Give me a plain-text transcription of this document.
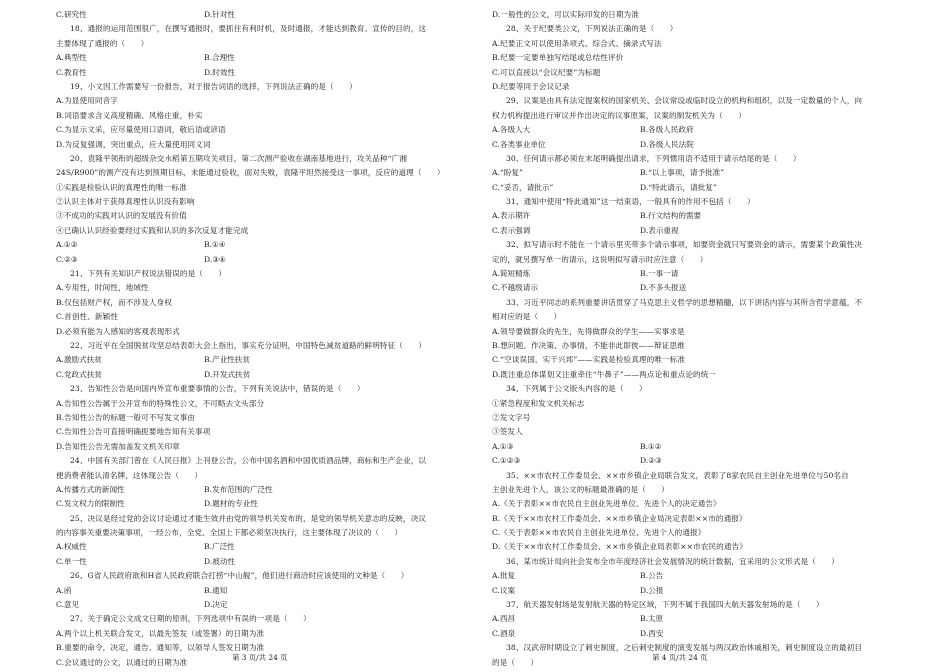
C.研究性	D.针对性
18、通报的运用范围很广，在撰写通报时，要抓住有利时机，及时通报，才能达到教育、宣传的目的，这
主要体现了通报的（　　）
A.典型性	B.合理性
C.教育性	D.时效性
19、小文因工作需要写一份报告，对于报告词语的选择，下列说法正确的是（　　）
A.为显使用同音字
B.词语要求含义高度精确、风格庄重，朴实
C.为显示文采，应尽量使用口语词，敬后语或谚语
D.为反复强调，突出重点，应大量使用同义词
20、袁隆平领衔的超级杂交水稻第五期攻关项目，第二次测产验收在湖南基地进行，攻关品种“广湘
24S/R900”的测产没有达到预期目标，未能通过验收，面对失败，袁隆平坦然接受这一事项，反应的道理（　　）
①实践是检验认识的真理性的唯一标准
②认识主体对于获得真理性认识没有影响
③不成功的实践对认识的发展没有价值
④已确认认识经验要经过实践和认识的多次反复才能完成
A.①②	B.①④
C.②③	D.③④
21、下列有关知识产权说法错误的是（　　）
A.专用性，时间性，地域性
B.仅包括财产权，而不涉及人身权
C.首创性、新颖性
D.必须有能为人感知的客观表现形式
22、习近平在全国脱贫攻坚总结表彰大会上指出，事实充分证明，中国特色减贫道路的鲜明特征（　　）
A.激励式扶贫	B.产业性扶贫
C.党政式扶贫	D.开发式扶贫
23、告知性公告是向国内外宣布重要事情的公告，下列有关说法中，错误的是（　　）
A.告知性公告属于公开宣布的特殊性公文，不可略去文头部分
B.告知性公告的标题一般可不写发文事由
C.告知性公告可直接明确扼要地告知有关事项
D.告知性公告无需加盖发文机关印章
24、中国有关部门曾在《人民日报》上刊登公告，公布中国名酒和中国优质酒品牌，商标和生产企业，以
便消费者能认清名牌，这体现公告（　　）
A.传播方式的新闻性	B.发布范围的广泛性
C.发文权力的限制性	D.题材的专业性
25、决议是经过党的会议讨论通过才能生效并由党的领导机关发布的，是党的领导机关意志的反映，决议
的内容事关重要决策事项，一经公布，全党、全国上下都必须坚决执行，这主要体现了决议的（　　）
A.权威性	B.广泛性
C.单一性	D.被动性
26、G省人民政府欲和H省人民政府联合打捞“中山舰”，他们进行商洽时应该使用的文种是（　　）
A.函	B.通知
C.意见	D.决定
27、关于确定公文成文日期的原则，下列选项中有误的一项是（　　）
A.两个以上机关联合发文，以最先签发（或签署）的日期为准
B.重要的命令，决定，通告、通知等，以领导人签发日期为准
C.会议通过的公文，以通过的日期为准
D.一般性的公文，可以实际印发的日期为准
28、关于纪要类公文，下列说法正确的是（　　）
A.纪要正文可以使用条项式、综合式、摘录式写法
B.纪要一定要单独写结尾或总结性评价
C.可以直接以“会议纪要”为标题
D.纪要等同于会议记录
29、议案是由具有法定提案权的国家机关、会议常设或临时设立的机构和组织，以及一定数量的个人，向
权力机构提出进行审议并作出决定的议事原案，议案的制发机关为（　　）
A.各级人大	B.各级人民政府
C.各类事业单位	D.各级人民法院
30、任何请示都必须在末尾明确提出请求，下列惯用语不适用于请示结尾的是（　　）
A.“盼复”	B.“以上事项，请予批准”
C.“妥否，请批示”	D.“特此请示，请批复”
31、通知中使用“特此通知”这一结束语，一般具有的作用不包括（　　）
A.表示期许	B.行文结构的需要
C.表示强调	D.表示重视
32、拟写请示时不能在一个请示里夹带多个请示事项，如要资金就只写要资金的请示，需要某个政策性决
定的，就另撰写单一的请示，这说明拟写请示时应注意（　　）
A.简短精炼	B.一事一请
C.不越级请示	D.不多头报送
33、习近平同志的系列重要讲话贯穿了马克思主义哲学的思想精髓，以下讲话内容与其所含哲学意蕴，不
相对应的是（　　）
A.领导要做群众的先生，先得做群众的学生——实事求是
B.想问题、作决策、办事情，不能非此即彼——辩证思维
C.“空谈误国，实干兴邦”——实践是检验真理的唯一标准
D.既注重总体谋划又注重牵住“牛鼻子”——两点论和重点论的统一
34、下列属于公文版头内容的是（　　）
①紧急程度和发文机关标志
②发文字号
③签发人
A.①③	B.①②
C.①②③	D.②③
35、××市农村工作委员会、××市乡镇企业局联合发文，表彰了8家农民自主创业先进单位与50名自
主创业先进个人，该公文的标题最准确的是（　　）
A.《关于表彰××市农民自主创业先进单位、先进个人的决定通告》
B.《关于××市农村工作委员会、××市乡镇企业局决定表彰××市的通报》
C.《关于表彰××市农民自主创业先进单位、先进个人的通报》
D.《关于××市农村工作委员会、××市乡镇企业局表彰××市农民的通告》
36、某市统计局向社会发布全市年度经济社会发展情况的统计数据，宜采用的公文形式是（　　）
A.批复	B.公告
C.议案	D.公报
37、航天器发射场是发射航天器的特定区域，下列不属于我国四大航天器发射场的是（　　）
A.西昌	B.太原
C.酒泉	D.西安
38、汉武帝时期设立了刺史制度，之后刺史制度的演变发展与两汉政治休戚相关，刺史制度设立的最初目
的是（　　）
第 3 页/共 24 页	第 4 页/共 24 页
